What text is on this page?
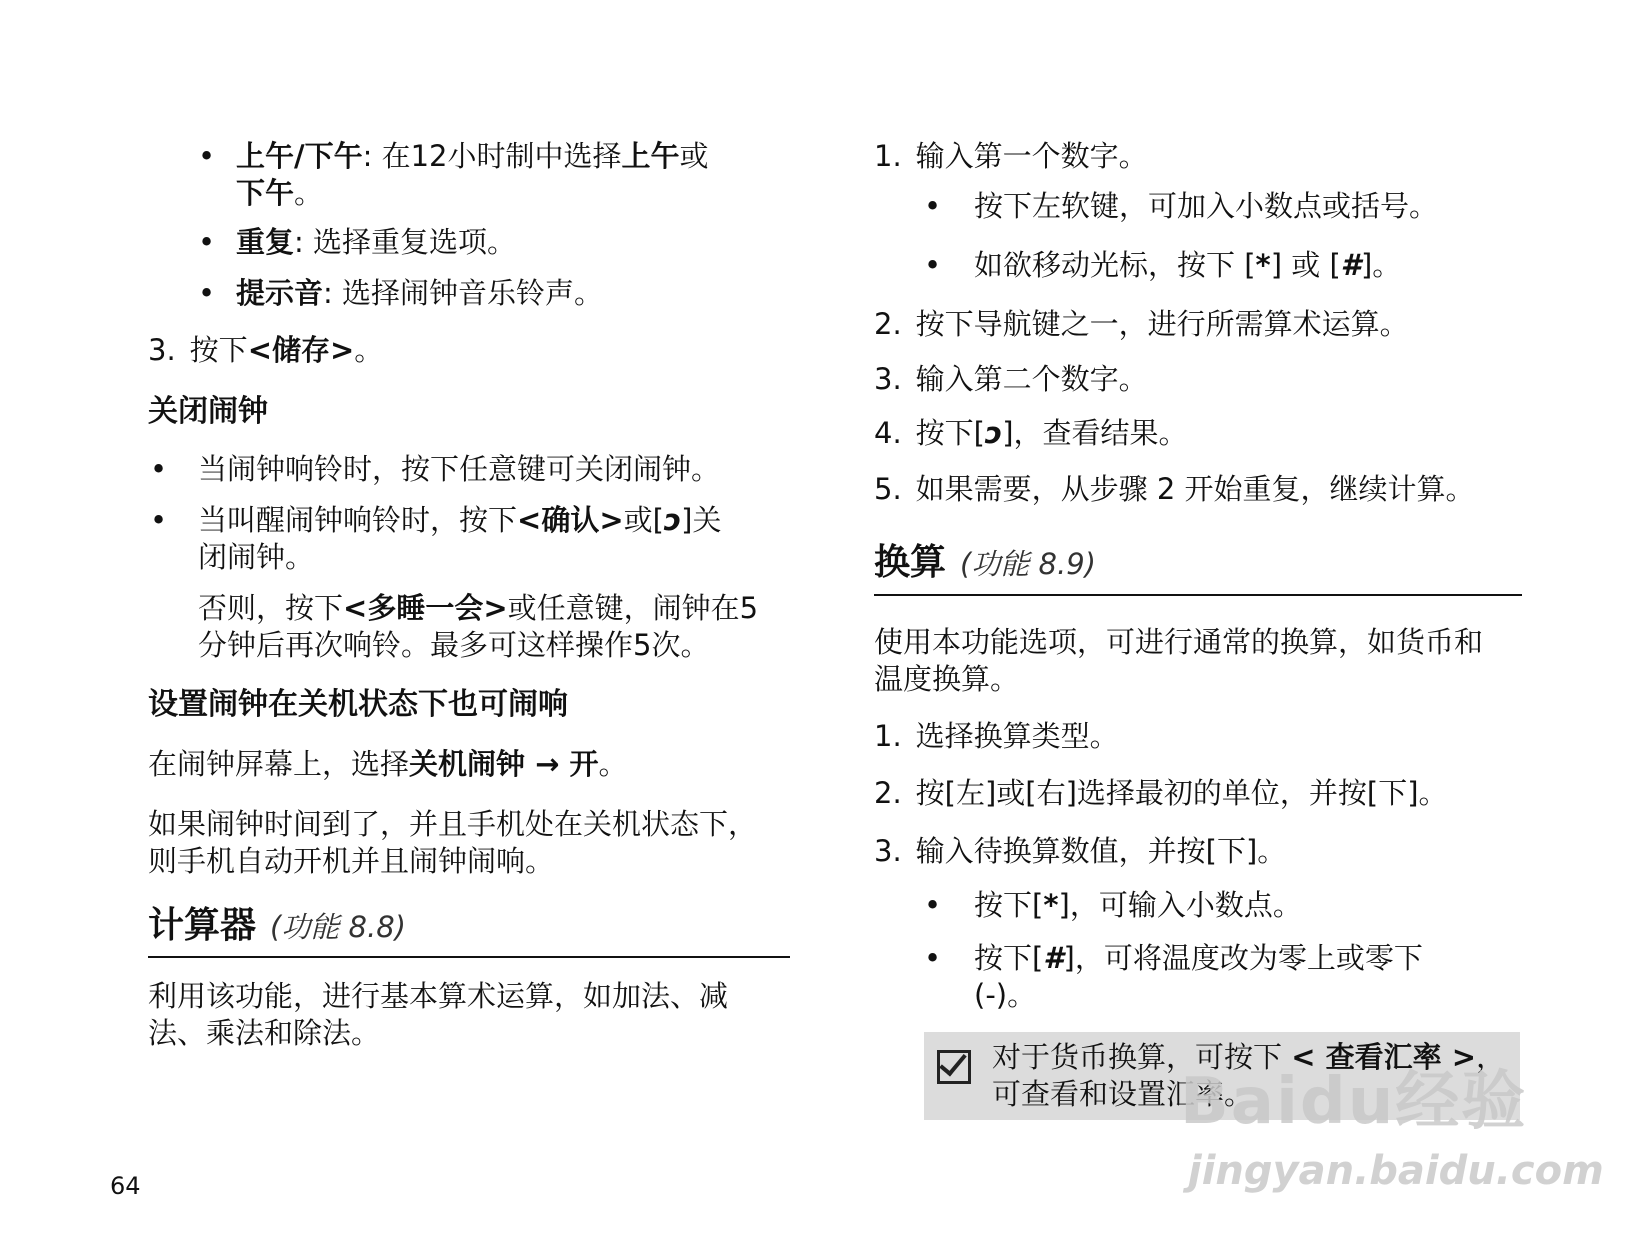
• 上午/下午: 在12小时制中选择上午或

下午。

• 重复: 选择重复选项。

• 提示音: 选择闹钟音乐铃声。

3. 按下<储存>。

关闭闹钟

• 当闹钟响铃时，按下任意键可关闭闹钟。

• 当叫醒闹钟响铃时，按下<确认>或[ↄ]关

闭闹钟。

否则，按下<多睡一会>或任意键，闹钟在5

分钟后再次响铃。最多可这样操作5次。

设置闹钟在关机状态下也可闹响

在闹钟屏幕上，选择关机闹钟 → 开。

如果闹钟时间到了，并且手机处在关机状态下，

则手机自动开机并且闹钟闹响。

计算器 (功能 8.8)

利用该功能，进行基本算术运算，如加法、减

法、乘法和除法。

64

1. 输入第一个数字。

• 按下左软键，可加入小数点或括号。

• 如欲移动光标，按下 [*] 或 [#]。

2. 按下导航键之一，进行所需算术运算。

3. 输入第二个数字。

4. 按下[ↄ]，查看结果。

5. 如果需要，从步骤 2 开始重复，继续计算。

换算 (功能 8.9)

使用本功能选项，可进行通常的换算，如货币和

温度换算。

1. 选择换算类型。

2. 按[左]或[右]选择最初的单位，并按[下]。

3. 输入待换算数值，并按[下]。

• 按下[*]，可输入小数点。

• 按下[#]，可将温度改为零上或零下

(-)。

对于货币换算，可按下 < 查看汇率 >，

可查看和设置汇率。

Baidu经验
jingyan.baidu.com
